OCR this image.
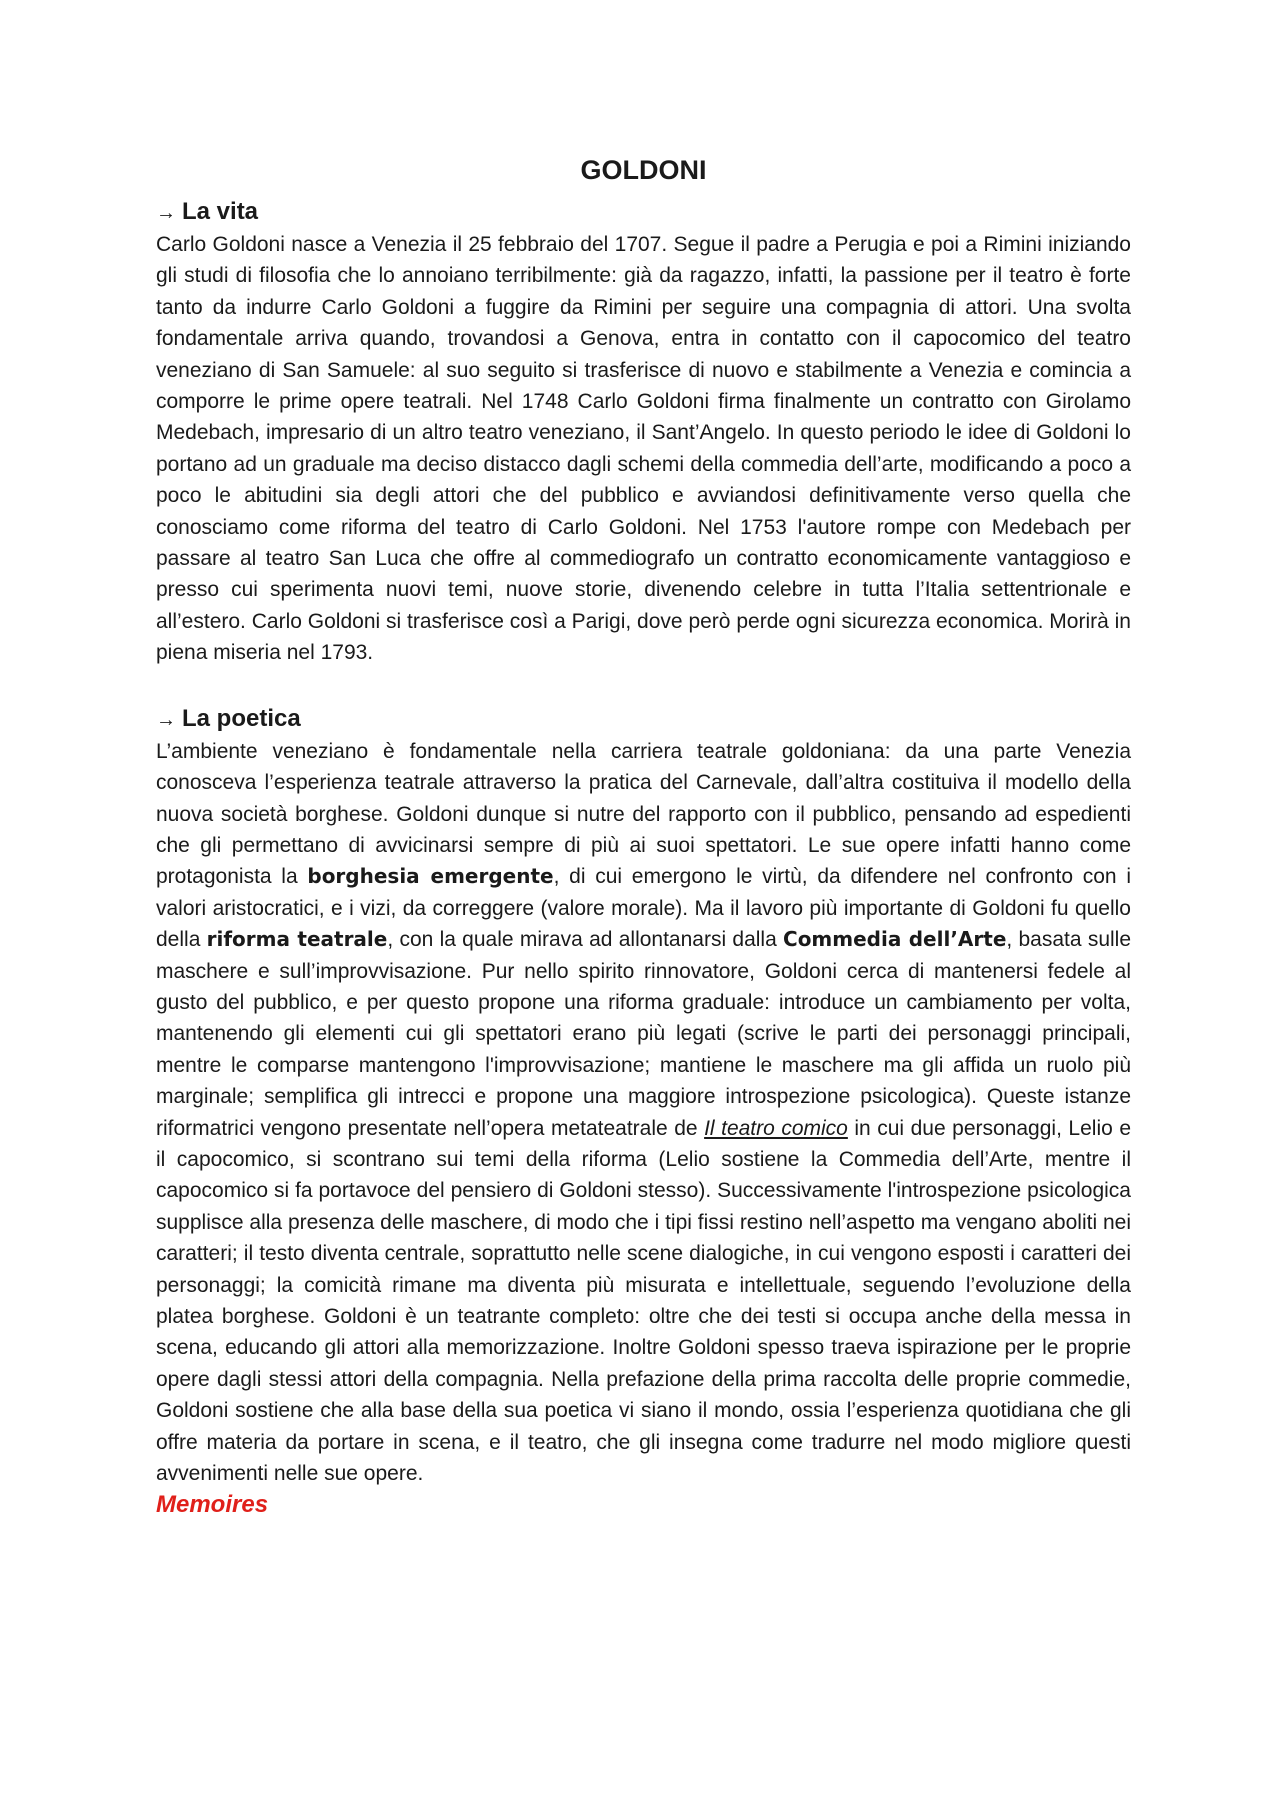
GOLDONI
→ La vita

Carlo Goldoni nasce a Venezia il 25 febbraio del 1707. Segue il padre a Perugia e poi a Rimini iniziando gli studi di filosofia che lo annoiano terribilmente: già da ragazzo, infatti, la passione per il teatro è forte tanto da indurre Carlo Goldoni a fuggire da Rimini per seguire una compagnia di attori. Una svolta fondamentale arriva quando, trovandosi a Genova, entra in contatto con il capocomico del teatro veneziano di San Samuele: al suo seguito si trasferisce di nuovo e stabilmente a Venezia e comincia a comporre le prime opere teatrali. Nel 1748 Carlo Goldoni firma finalmente un contratto con Girolamo Medebach, impresario di un altro teatro veneziano, il Sant’Angelo. In questo periodo le idee di Goldoni lo portano ad un graduale ma deciso distacco dagli schemi della commedia dell’arte, modificando a poco a poco le abitudini sia degli attori che del pubblico e avviandosi definitivamente verso quella che conosciamo come riforma del teatro di Carlo Goldoni. Nel 1753 l'autore rompe con Medebach per passare al teatro San Luca che offre al commediografo un contratto economicamente vantaggioso e presso cui sperimenta nuovi temi, nuove storie, divenendo celebre in tutta l’Italia settentrionale e all’estero. Carlo Goldoni si trasferisce così a Parigi, dove però perde ogni sicurezza economica. Morirà in piena miseria nel 1793.

→ La poetica

L’ambiente veneziano è fondamentale nella carriera teatrale goldoniana: da una parte Venezia conosceva l’esperienza teatrale attraverso la pratica del Carnevale, dall’altra costituiva il modello della nuova società borghese. Goldoni dunque si nutre del rapporto con il pubblico, pensando ad espedienti che gli permettano di avvicinarsi sempre di più ai suoi spettatori. Le sue opere infatti hanno come protagonista la borghesia emergente, di cui emergono le virtù, da difendere nel confronto con i valori aristocratici, e i vizi, da correggere (valore morale). Ma il lavoro più importante di Goldoni fu quello della riforma teatrale, con la quale mirava ad allontanarsi dalla Commedia dell’Arte, basata sulle maschere e sull’improvvisazione. Pur nello spirito rinnovatore, Goldoni cerca di mantenersi fedele al gusto del pubblico, e per questo propone una riforma graduale: introduce un cambiamento per volta, mantenendo gli elementi cui gli spettatori erano più legati (scrive le parti dei personaggi principali, mentre le comparse mantengono l'improvvisazione; mantiene le maschere ma gli affida un ruolo più marginale; semplifica gli intrecci e propone una maggiore introspezione psicologica). Queste istanze riformatrici vengono presentate nell’opera metateatrale de Il teatro comico in cui due personaggi, Lelio e il capocomico, si scontrano sui temi della riforma (Lelio sostiene la Commedia dell’Arte, mentre il capocomico si fa portavoce del pensiero di Goldoni stesso). Successivamente l'introspezione psicologica supplisce alla presenza delle maschere, di modo che i tipi fissi restino nell’aspetto ma vengano aboliti nei caratteri; il testo diventa centrale, soprattutto nelle scene dialogiche, in cui vengono esposti i caratteri dei personaggi; la comicità rimane ma diventa più misurata e intellettuale, seguendo l’evoluzione della platea borghese. Goldoni è un teatrante completo: oltre che dei testi si occupa anche della messa in scena, educando gli attori alla memorizzazione. Inoltre Goldoni spesso traeva ispirazione per le proprie opere dagli stessi attori della compagnia. Nella prefazione della prima raccolta delle proprie commedie, Goldoni sostiene che alla base della sua poetica vi siano il mondo, ossia l’esperienza quotidiana che gli offre materia da portare in scena, e il teatro, che gli insegna come tradurre nel modo migliore questi avvenimenti nelle sue opere.

Memoires
